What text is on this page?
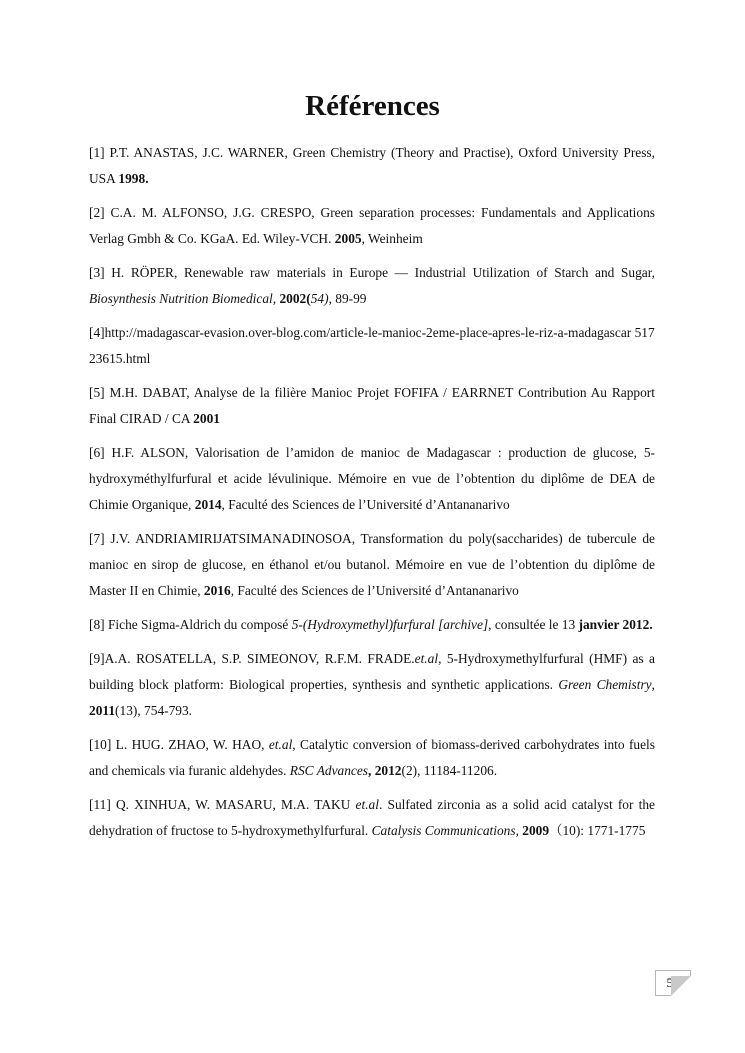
Références

[1] P.T. ANASTAS, J.C. WARNER, Green Chemistry (Theory and Practise), Oxford University Press, USA 1998.

[2] C.A. M. ALFONSO, J.G. CRESPO, Green separation processes: Fundamentals and Applications Verlag Gmbh & Co. KGaA. Ed. Wiley-VCH. 2005, Weinheim

[3] H. RÖPER, Renewable raw materials in Europe — Industrial Utilization of Starch and Sugar, Biosynthesis Nutrition Biomedical, 2002(54), 89-99

[4]http://madagascar-evasion.over-blog.com/article-le-manioc-2eme-place-apres-le-riz-a-madagascar 51723615.html

[5] M.H. DABAT, Analyse de la filière Manioc Projet FOFIFA / EARRNET Contribution Au Rapport Final CIRAD / CA 2001

[6] H.F. ALSON, Valorisation de l’amidon de manioc de Madagascar : production de glucose, 5-hydroxyméthylfurfural et acide lévulinique. Mémoire en vue de l’obtention du diplôme de DEA de Chimie Organique, 2014, Faculté des Sciences de l’Université d’Antananarivo

[7] J.V. ANDRIAMIRIJATSIMANADINOSOA, Transformation du poly(saccharides) de tubercule de manioc en sirop de glucose, en éthanol et/ou butanol. Mémoire en vue de l’obtention du diplôme de Master II en Chimie, 2016, Faculté des Sciences de l’Université d’Antananarivo

[8] Fiche Sigma-Aldrich du composé 5-(Hydroxymethyl)furfural [archive], consultée le 13 janvier 2012.

[9]A.A. ROSATELLA, S.P. SIMEONOV, R.F.M. FRADE.et.al, 5-Hydroxymethylfurfural (HMF) as a building block platform: Biological properties, synthesis and synthetic applications. Green Chemistry, 2011(13), 754-793.

[10] L. HUG. ZHAO, W. HAO, et.al, Catalytic conversion of biomass-derived carbohydrates into fuels and chemicals via furanic aldehydes. RSC Advances, 2012(2), 11184-11206.

[11] Q. XINHUA, W. MASARU, M.A. TAKU et.al. Sulfated zirconia as a solid acid catalyst for the dehydration of fructose to 5-hydroxymethylfurfural. Catalysis Communications, 2009（10): 1771-1775

50
